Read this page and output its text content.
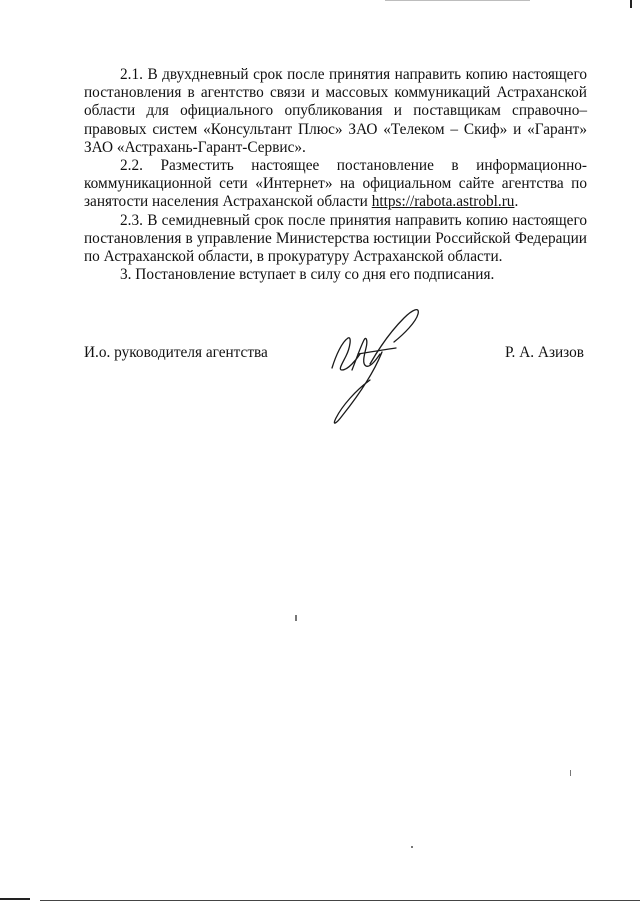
2.1. В двухдневный срок после принятия направить копию настоящего постановления в агентство связи и массовых коммуникаций Астраханской области для официального опубликования и поставщикам справочно–правовых систем «Консультант Плюс» ЗАО «Телеком – Скиф» и «Гарант» ЗАО «Астрахань-Гарант-Сервис».

2.2. Разместить настоящее постановление в информационно-коммуникационной сети «Интернет» на официальном сайте агентства по занятости населения Астраханской области https://rabota.astrobl.ru.

2.3. В семидневный срок после принятия направить копию настоящего постановления в управление Министерства юстиции Российской Федерации по Астраханской области, в прокуратуру Астраханской области.

3. Постановление вступает в силу со дня его подписания.

И.о. руководителя агентства	Р. А. Азизов
